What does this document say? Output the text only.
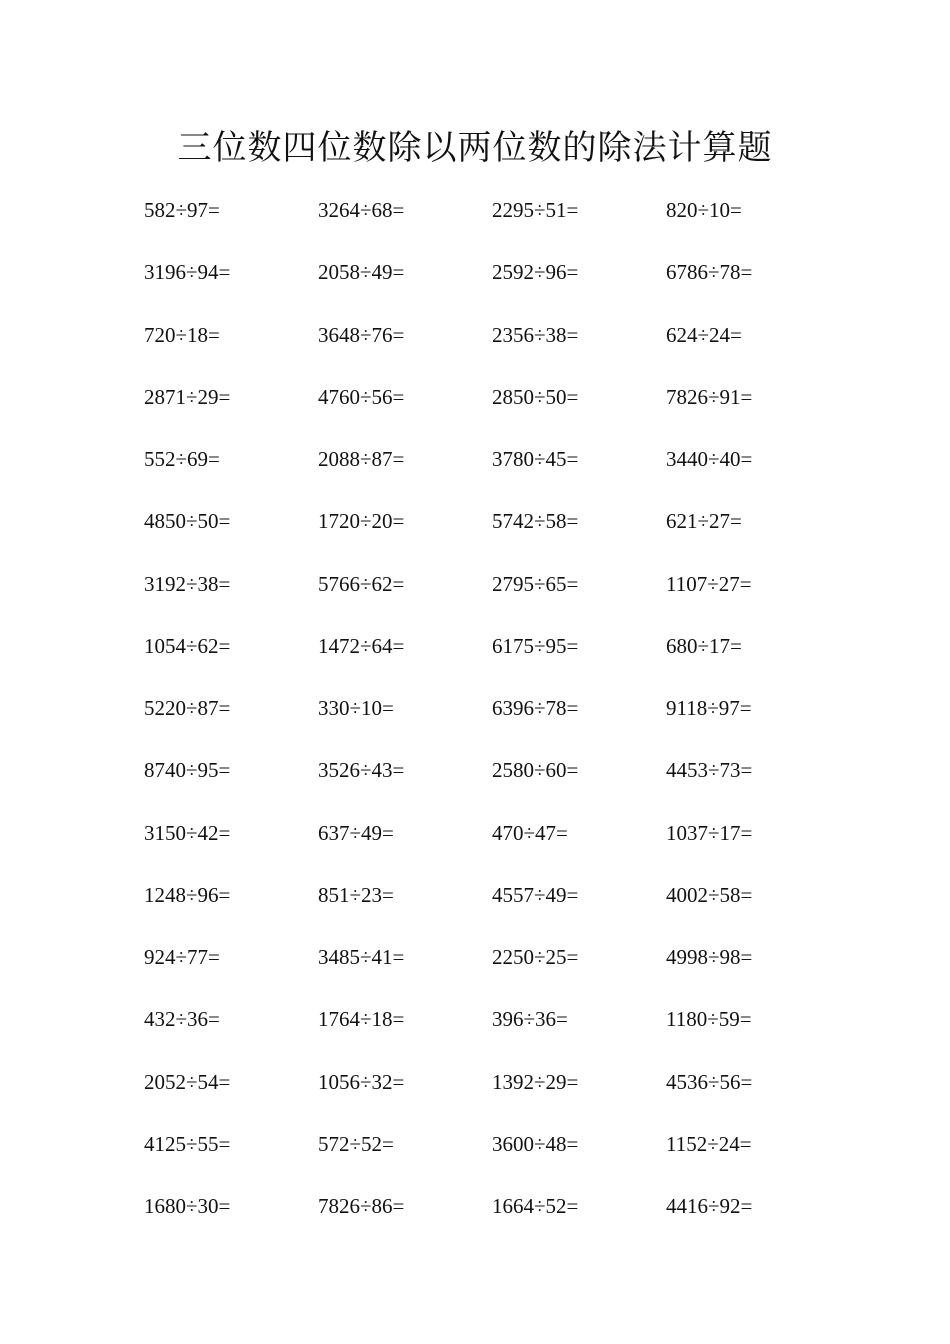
三位数四位数除以两位数的除法计算题
582÷97=	3264÷68=	2295÷51=	820÷10=
3196÷94=	2058÷49=	2592÷96=	6786÷78=
720÷18=	3648÷76=	2356÷38=	624÷24=
2871÷29=	4760÷56=	2850÷50=	7826÷91=
552÷69=	2088÷87=	3780÷45=	3440÷40=
4850÷50=	1720÷20=	5742÷58=	621÷27=
3192÷38=	5766÷62=	2795÷65=	1107÷27=
1054÷62=	1472÷64=	6175÷95=	680÷17=
5220÷87=	330÷10=	6396÷78=	9118÷97=
8740÷95=	3526÷43=	2580÷60=	4453÷73=
3150÷42=	637÷49=	470÷47=	1037÷17=
1248÷96=	851÷23=	4557÷49=	4002÷58=
924÷77=	3485÷41=	2250÷25=	4998÷98=
432÷36=	1764÷18=	396÷36=	1180÷59=
2052÷54=	1056÷32=	1392÷29=	4536÷56=
4125÷55=	572÷52=	3600÷48=	1152÷24=
1680÷30=	7826÷86=	1664÷52=	4416÷92=
